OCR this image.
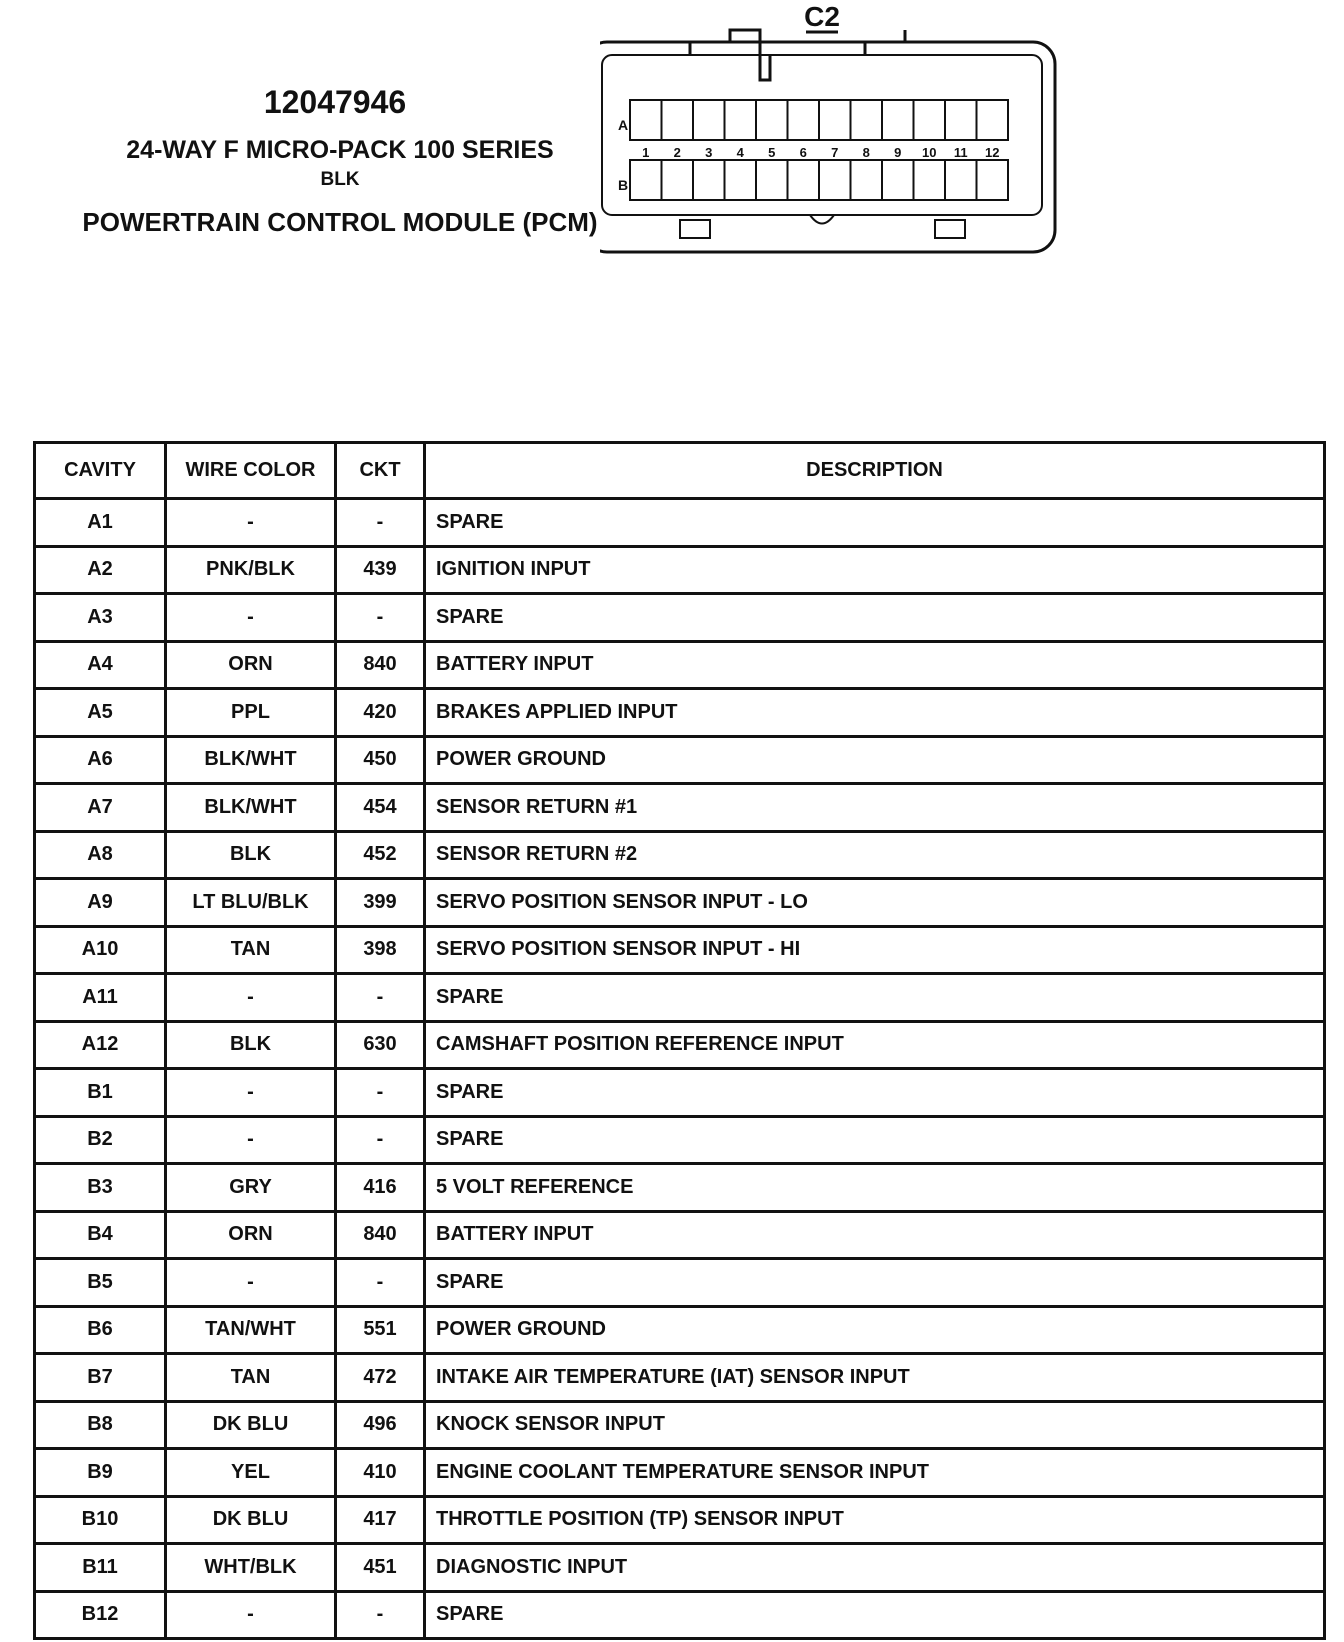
12047946
24-WAY F MICRO-PACK 100 SERIES
BLK
POWERTRAIN CONTROL MODULE (PCM)
C2
A
B
1 2 3 4 5 6 7 8 9 10 11 12
CAVITY	WIRE COLOR	CKT	DESCRIPTION
A1	-	-	SPARE
A2	PNK/BLK	439	IGNITION INPUT
A3	-	-	SPARE
A4	ORN	840	BATTERY INPUT
A5	PPL	420	BRAKES APPLIED INPUT
A6	BLK/WHT	450	POWER GROUND
A7	BLK/WHT	454	SENSOR RETURN #1
A8	BLK	452	SENSOR RETURN #2
A9	LT BLU/BLK	399	SERVO POSITION SENSOR INPUT - LO
A10	TAN	398	SERVO POSITION SENSOR INPUT - HI
A11	-	-	SPARE
A12	BLK	630	CAMSHAFT POSITION REFERENCE INPUT
B1	-	-	SPARE
B2	-	-	SPARE
B3	GRY	416	5 VOLT REFERENCE
B4	ORN	840	BATTERY INPUT
B5	-	-	SPARE
B6	TAN/WHT	551	POWER GROUND
B7	TAN	472	INTAKE AIR TEMPERATURE (IAT) SENSOR INPUT
B8	DK BLU	496	KNOCK SENSOR INPUT
B9	YEL	410	ENGINE COOLANT TEMPERATURE SENSOR INPUT
B10	DK BLU	417	THROTTLE POSITION (TP) SENSOR INPUT
B11	WHT/BLK	451	DIAGNOSTIC INPUT
B12	-	-	SPARE
